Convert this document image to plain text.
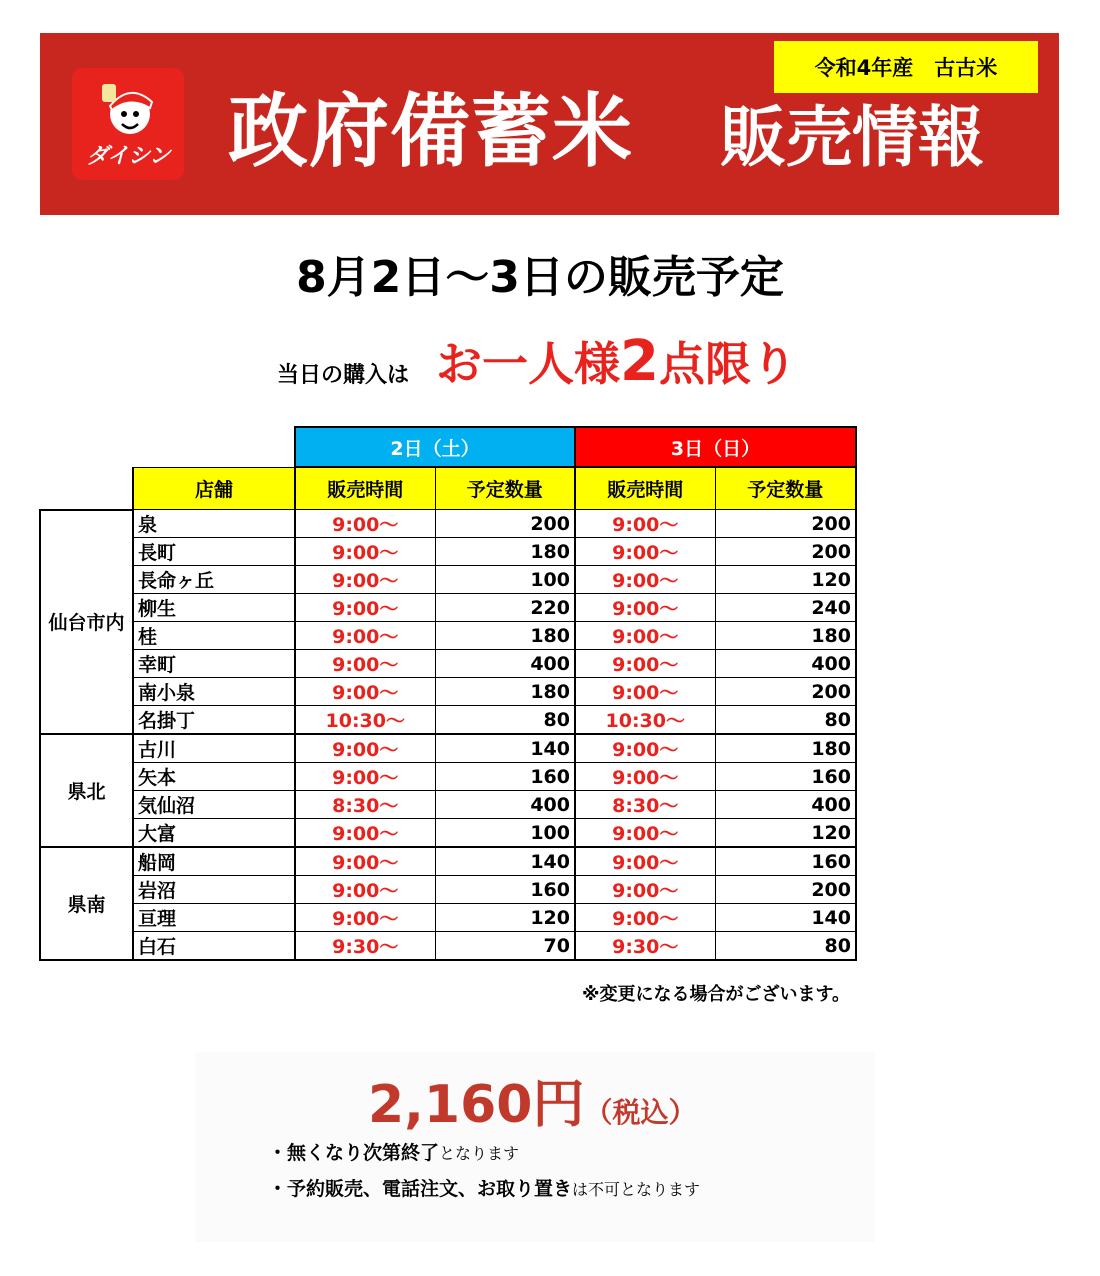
ダイシン
令和4年産　古古米
政府備蓄米 販売情報
8月2日～3日の販売予定
当日の購入は お一人様2点限り
		2日（土）		3日（日）	
	店舗	販売時間	予定数量	販売時間	予定数量
仙台市内	泉	9:00～	200	9:00～	200
	長町	9:00～	180	9:00～	200
	長命ヶ丘	9:00～	100	9:00～	120
	柳生	9:00～	220	9:00～	240
	桂	9:00～	180	9:00～	180
	幸町	9:00～	400	9:00～	400
	南小泉	9:00～	180	9:00～	200
	名掛丁	10:30～	80	10:30～	80
県北	古川	9:00～	140	9:00～	180
	矢本	9:00～	160	9:00～	160
	気仙沼	8:30～	400	8:30～	400
	大富	9:00～	100	9:00～	120
県南	船岡	9:00～	140	9:00～	160
	岩沼	9:00～	160	9:00～	200
	亘理	9:00～	120	9:00～	140
	白石	9:30～	70	9:30～	80
※変更になる場合がございます。
2,160円（税込）
・無くなり次第終了となります
・予約販売、電話注文、お取り置きは不可となります
